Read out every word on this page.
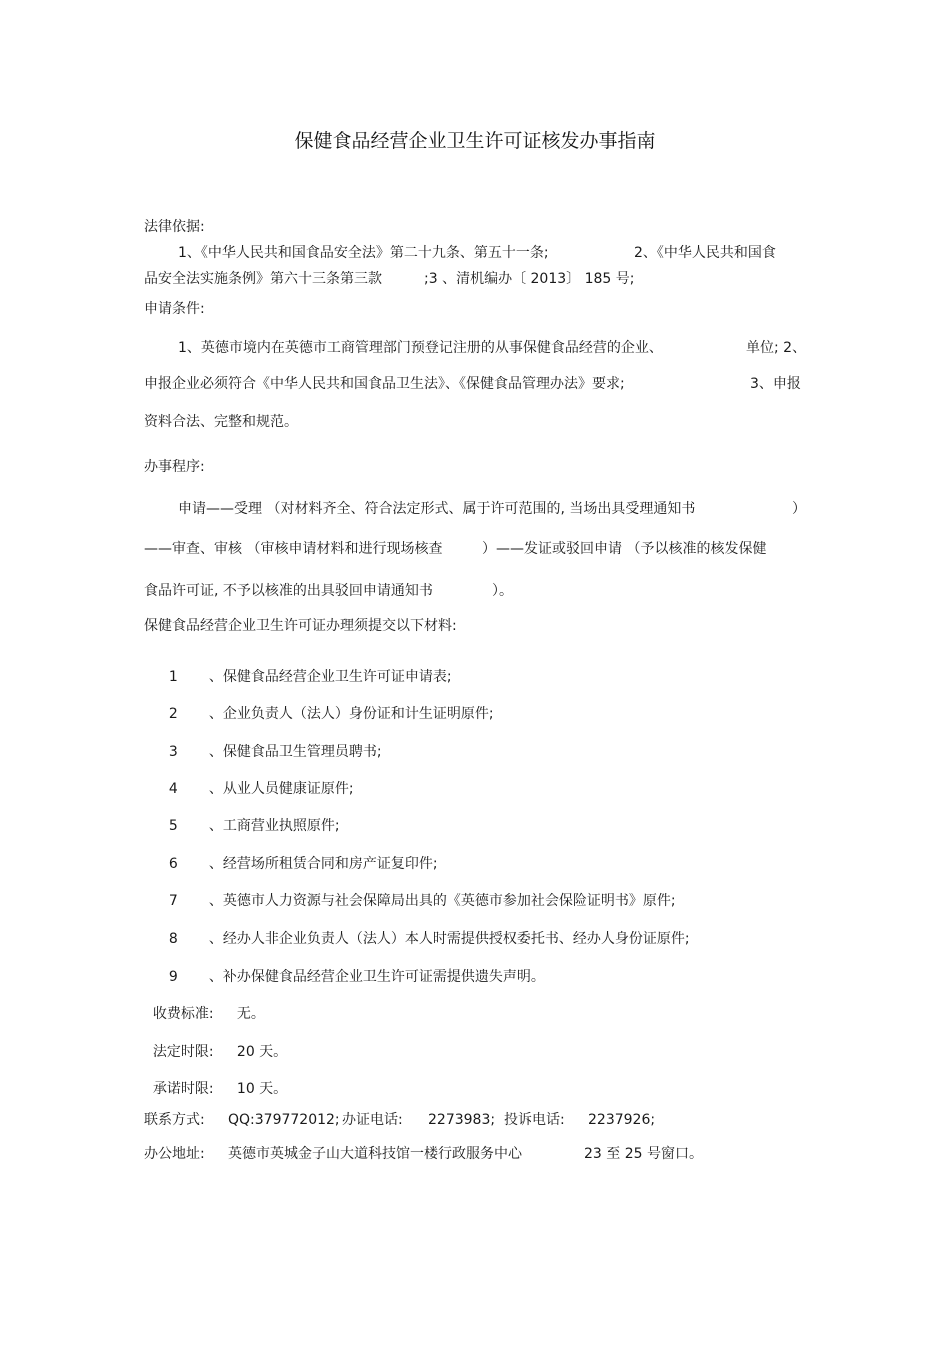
保健食品经营企业卫生许可证核发办事指南
法律依据:
1、《中华人民共和国食品安全法》第二十九条、第五十一条;	2、《中华人民共和国食
品安全法实施条例》第六十三条第三款	;3 、清机编办〔 2013〕 185 号;
申请条件:
1、英德市境内在英德市工商管理部门预登记注册的从事保健食品经营的企业、	单位; 2、
申报企业必须符合《中华人民共和国食品卫生法》、《保健食品管理办法》要求;	3、申报
资料合法、完整和规范。
办事程序:
申请——受理 （对材料齐全、符合法定形式、属于许可范围的, 当场出具受理通知书	）
——审查、审核 （审核申请材料和进行现场核查	）——发证或驳回申请 （予以核准的核发保健
食品许可证, 不予以核准的出具驳回申请通知书	）。
保健食品经营企业卫生许可证办理须提交以下材料:

1 、保健食品经营企业卫生许可证申请表;

2 、企业负责人（法人）身份证和计生证明原件;

3 、保健食品卫生管理员聘书;

4 、从业人员健康证原件;

5 、工商营业执照原件;

6 、经营场所租赁合同和房产证复印件;

7 、英德市人力资源与社会保障局出具的《英德市参加社会保险证明书》原件;

8 、经办人非企业负责人（法人）本人时需提供授权委托书、经办人身份证原件;

9 、补办保健食品经营企业卫生许可证需提供遗失声明。

收费标准: 无。

法定时限: 20 天。

承诺时限: 10 天。

联系方式: QQ:379772012; 办证电话: 2273983; 投诉电话: 2237926;
办公地址: 英德市英城金子山大道科技馆一楼行政服务中心	23 至 25 号窗口。
